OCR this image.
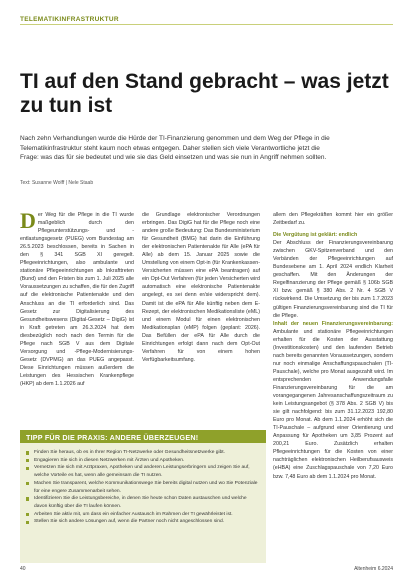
TELEMATIKINFRASTRUKTUR
TI auf den Stand gebracht – was jetzt zu tun ist

Nach zehn Verhandlungen wurde die Hürde der TI-Finanzierung genommen und dem Weg der Pflege in die Telematikinfrastruktur steht kaum noch etwas entgegen. Daher stellen sich viele Verantwortliche jetzt die Frage: was das für sie bedeutet und wie sie das Geld einsetzen und was sie nun in Angriff nehmen sollten.

Text: Susanne Wolff | Nele Staab
D er Weg für die Pflege in die TI wurde maßgeblich durch den Pflegeunterstützungs- und -entlastungsgesetz (PUEG) vom Bundestag am 26.5.2023 beschlossen, bereits in Sachen in den § 341 SGB XI geregelt. Pflegeeinrichtungen, also ambulante und stationäre Pflegeeinrichtungen ab Inkrafttreten (Bund) und den Fristen bis zum 1. Juli 2025 alle Voraussetzungen zu schaffen, die für den Zugriff auf die elektronische Patientenakte und den Anschluss an die TI erforderlich sind. Das Gesetz zur Digitalisierung des Gesundheitswesens (Digital-Gesetz – DigiG) ist in Kraft getreten am 26.3.2024 hat dem diesbezüglich noch nach den Termin für die Pflege nach SGB V aus dem Digitale Versorgung und -Pflege-Modernisierungs-Gesetz (DVPMG) an das PUEG angepasst. Diese Einrichtungen müssen außerdem die Leistungen des Hessischen Krankenpflege (HKP) ab dem 1.1.2026 auf
die Grundlage elektronischer Verordnungen erbringen. Das DigiG hat für die Pflege noch eine andere große Bedeutung: Das Bundesministerium für Gesundheit (BMG) hat darin die Einführung der elektronischen Patientenakte für Alle (ePA für Alle) ab dem 15. Januar 2025 sowie die Umstellung von einem Opt-in (für Krankenkassen-Versicherten müssen eine ePA beantragen) auf ein Opt-Out Verfahren (für jeden Versicherten wird automatisch eine elektronische Patientenakte angelegt, es sei denn er/sie widerspricht dem). Damit ist die ePA für Alle künftig neben dem E-Rezept, der elektronischen Medikationsliste (eML) und einem Modul für einen elektronischen Medikationsplan (eMP) folgen (geplant: 2026). Das Befüllen der ePA für Alle durch die Einrichtungen erfolgt dann nach dem Opt-Out Verfahren für von einem hohen Verfügbarkeitsumfang.
allem den Pflegekräften kommt hier ein größer Zeitbedarf zu.
Die Vergütung ist geklärt: endlich
Der Abschluss der Finanzierungsvereinbarung zwischen GKV-Spitzenverband und den Verbänden der Pflegeeinrichtungen auf Bundesebene am 1. April 2024 endlich Klarheit geschaffen. Mit den Änderungen der Regelfinanzierung der Pflege gemäß § 106b SGB XI bzw. gemäß § 380 Abs. 2 Nr. 4 SGB V rückwirkend. Die Umsetzung der bis zum 1.7.2023 gültigen Finanzierungsvereinbarung sind die TI für die Pflege.
Inhalt der neuen Finanzierungsvereinbarung: Ambulante und stationäre Pflegeeinrichtungen erhalten für die Kosten der Ausstattung (Investitionskosten) und den laufenden Betrieb nach bereits genannten Voraussetzungen, sondern nur noch einmalige Anschaffungspauschalen (TI-Pauschale), welche pro Monat ausgezahlt wird. Im entsprechenden Anwendungsfalle Finanzierungsvereinbarung für die am vorangegangenen Jahresanschaffungszeitraum zu kein Leistungsangebot (§ 378 Abs. 2 SGB V) bis sie gilt nachfolgend: bis zum 31.12.2023 192,80 Euro pro Monat. Ab dem 1.1.2024 erhöht sich die TI-Pauschale – aufgrund einer Orientierung und Anpassung für Apotheken um 3,85 Prozent auf 200,21 Euro. Zusätzlich erhalten Pflegeeinrichtungen für die Kosten von einer nachträglichen elektronischen Heilberufsausweis (eHBA) eine Zuschlagspauschale von 7,20 Euro bzw. 7,48 Euro ab dem 1.1.2024 pro Monat.
TIPP FÜR DIE PRAXIS: ANDERE ÜBERZEUGEN!
Finden Sie heraus, ob es in Ihrer Region TI-Netzwerke oder Gesundheitsnetzwerke gibt.
Engagieren Sie sich in diesen Netzwerken mit Ärzten und Apotheken.
Vernetzen Sie sich mit Arztpraxen, Apotheken und anderen Leistungserbringern und zeigen Sie auf, welche Vorteile es hat, wenn alle gemeinsam die TI nutzen.
Machen Sie transparent, welche Kommunikationswege Sie bereits digital nutzen und wo Sie Potenziale für eine engere Zusammenarbeit sehen.
Identifizieren Sie die Leistungsbereiche, in denen Sie heute schon Daten austauschen und welche davon künftig über die TI laufen können.
Arbeiten Sie aktiv mit, um dass ein einfacher Austausch im Rahmen der TI gewährleistet ist.
Stellen Sie sich andere Lösungen auf, wenn die Partner noch nicht angeschlossen sind.
40	Altenheim 6.2024
